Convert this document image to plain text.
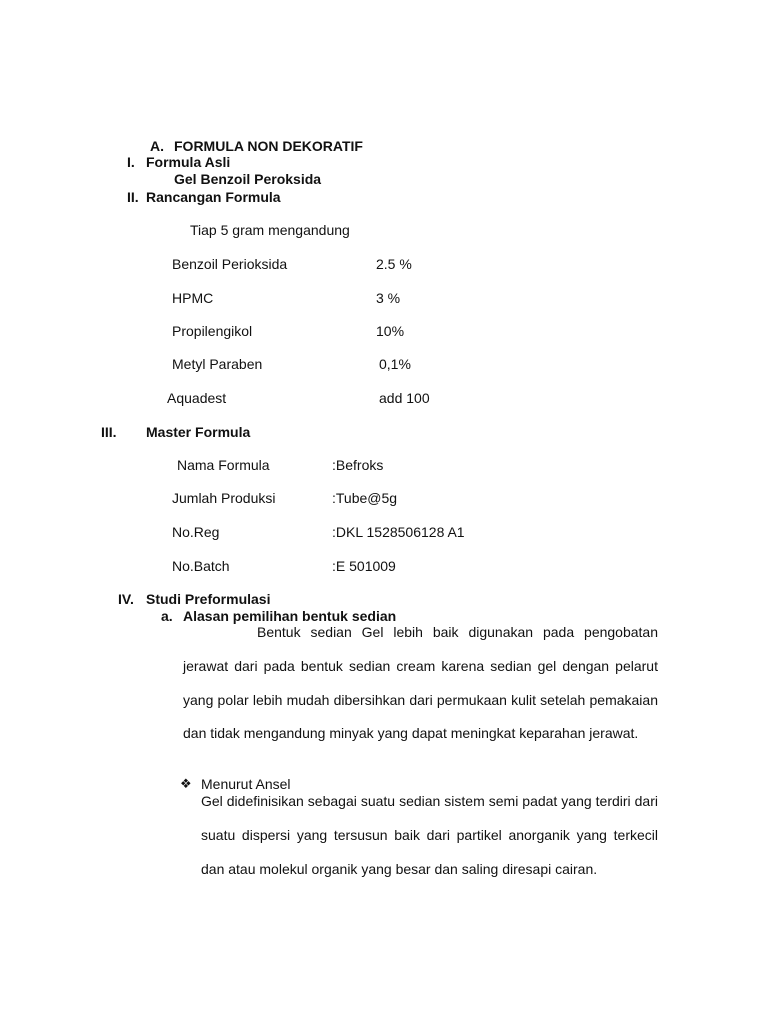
A. FORMULA NON DEKORATIF
I. Formula Asli
Gel Benzoil Peroksida
II. Rancangan Formula
Tiap 5 gram mengandung
Benzoil Perioksida	2.5 %
HPMC	3 %
Propilengikol	10%
Metyl Paraben	0,1%
Aquadest	add 100
III. Master Formula
Nama Formula	:Befroks
Jumlah Produksi	:Tube@5g
No.Reg	:DKL 1528506128 A1
No.Batch	:E 501009
IV. Studi Preformulasi
a. Alasan pemilihan bentuk sedian
Bentuk sedian Gel lebih baik digunakan pada pengobatan jerawat dari pada bentuk sedian cream karena sedian gel dengan pelarut yang polar lebih mudah dibersihkan dari permukaan kulit setelah pemakaian dan tidak mengandung minyak yang dapat meningkat keparahan jerawat.
❖ Menurut Ansel
Gel didefinisikan sebagai suatu sedian sistem semi padat yang terdiri dari suatu dispersi yang tersusun baik dari partikel anorganik yang terkecil dan atau molekul organik yang besar dan saling diresapi cairan.
